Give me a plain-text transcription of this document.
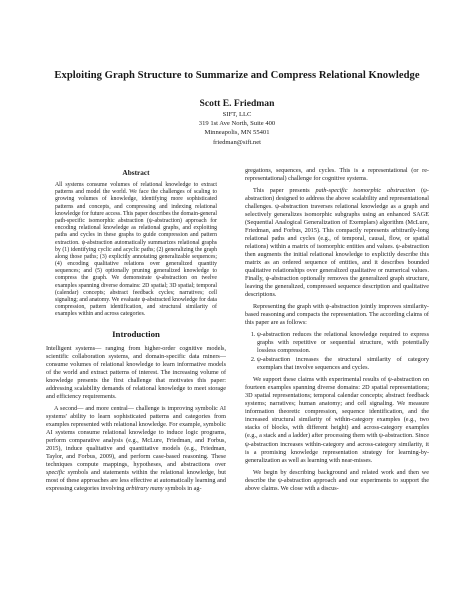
Exploiting Graph Structure to Summarize and Compress Relational Knowledge
Scott E. Friedman
SIFT, LLC
319 1st Ave North, Suite 400
Minneapolis, MN 55401
friedman@sift.net
Abstract
All systems consume volumes of relational knowledge to extract patterns and model the world. We face the challenges of scaling to growing volumes of knowledge, identifying more sophisticated patterns and concepts, and compressing and indexing relational knowledge for future access. This paper describes the domain-general path-specific isomorphic abstraction (ψ-abstraction) approach for encoding relational knowledge as relational graphs, and exploiting paths and cycles in these graphs to guide compression and pattern extraction. ψ-abstraction automatically summarizes relational graphs by (1) identifying cyclic and acyclic paths; (2) generalizing the graph along those paths; (3) explicitly annotating generalizable sequences; (4) encoding qualitative relations over generalized quantity sequences; and (5) optionally pruning generalized knowledge to compress the graph. We demonstrate ψ-abstraction on twelve examples spanning diverse domains: 2D spatial; 3D spatial; temporal (calendar) concepts; abstract feedback cycles; narratives; cell signaling; and anatomy. We evaluate ψ-abstracted knowledge for data compression, pattern identification, and structural similarity of examples within and across categories.
Introduction

Intelligent systems— ranging from higher-order cognitive models, scientific collaboration systems, and domain-specific data miners— consume volumes of relational knowledge to learn informative models of the world and extract patterns of interest. The increasing volume of knowledge presents the first challenge that motivates this paper: addressing scalability demands of relational knowledge to meet storage and efficiency requirements.

A second— and more central— challenge is improving symbolic AI systems' ability to learn sophisticated patterns and categories from examples represented with relational knowledge. For example, symbolic AI systems consume relational knowledge to induce logic programs, perform comparative analysis (e.g., McLure, Friedman, and Forbus, 2015), induce qualitative and quantitative models (e.g., Friedman, Taylor, and Forbus, 2009), and perform case-based reasoning. These techniques compute mappings, hypotheses, and abstractions over specific symbols and statements within the relational knowledge, but most of these approaches are less effective at automatically learning and expressing categories involving arbitrary many symbols in ag-

gregations, sequences, and cycles. This is a representational (or re-representational) challenge for cognitive systems.

This paper presents path-specific isomorphic abstraction (ψ-abstraction) designed to address the above scalability and representational challenges. ψ-abstraction traverses relational knowledge as a graph and selectively generalizes isomorphic subgraphs using an enhanced SAGE (Sequential Analogical Generalization of Exemplars) algorithm (McLure, Friedman, and Forbus, 2015). This compactly represents arbitrarily-long relational paths and cycles (e.g., of temporal, causal, flow, or spatial relations) within a matrix of isomorphic entities and values. ψ-abstraction then augments the initial relational knowledge to explicitly describe this matrix as an ordered sequence of entities, and it describes bounded qualitative relationships over generalized qualitative or numerical values. Finally, ψ-abstraction optionally removes the generalized graph structure, leaving the generalized, compressed sequence description and qualitative descriptions.

Representing the graph with ψ-abstraction jointly improves similarity-based reasoning and compacts the representation. The according claims of this paper are as follows:

1. ψ-abstraction reduces the relational knowledge required to express graphs with repetitive or sequential structure, with potentially lossless compression.
2. ψ-abstraction increases the structural similarity of category exemplars that involve sequences and cycles.

We support these claims with experimental results of ψ-abstraction on fourteen examples spanning diverse domains: 2D spatial representations; 3D spatial representations; temporal calendar concepts; abstract feedback systems; narratives; human anatomy; and cell signaling. We measure information theoretic compression, sequence identification, and the increased structural similarity of within-category examples (e.g., two stacks of blocks, with different height) and across-category examples (e.g., a stack and a ladder) after processing them with ψ-abstraction. Since ψ-abstraction increases within-category and across-category similarity, it is a promising knowledge representation strategy for learning-by-generalization as well as learning with near-misses.

We begin by describing background and related work and then we describe the ψ-abstraction approach and our experiments to support the above claims. We close with a discus-
